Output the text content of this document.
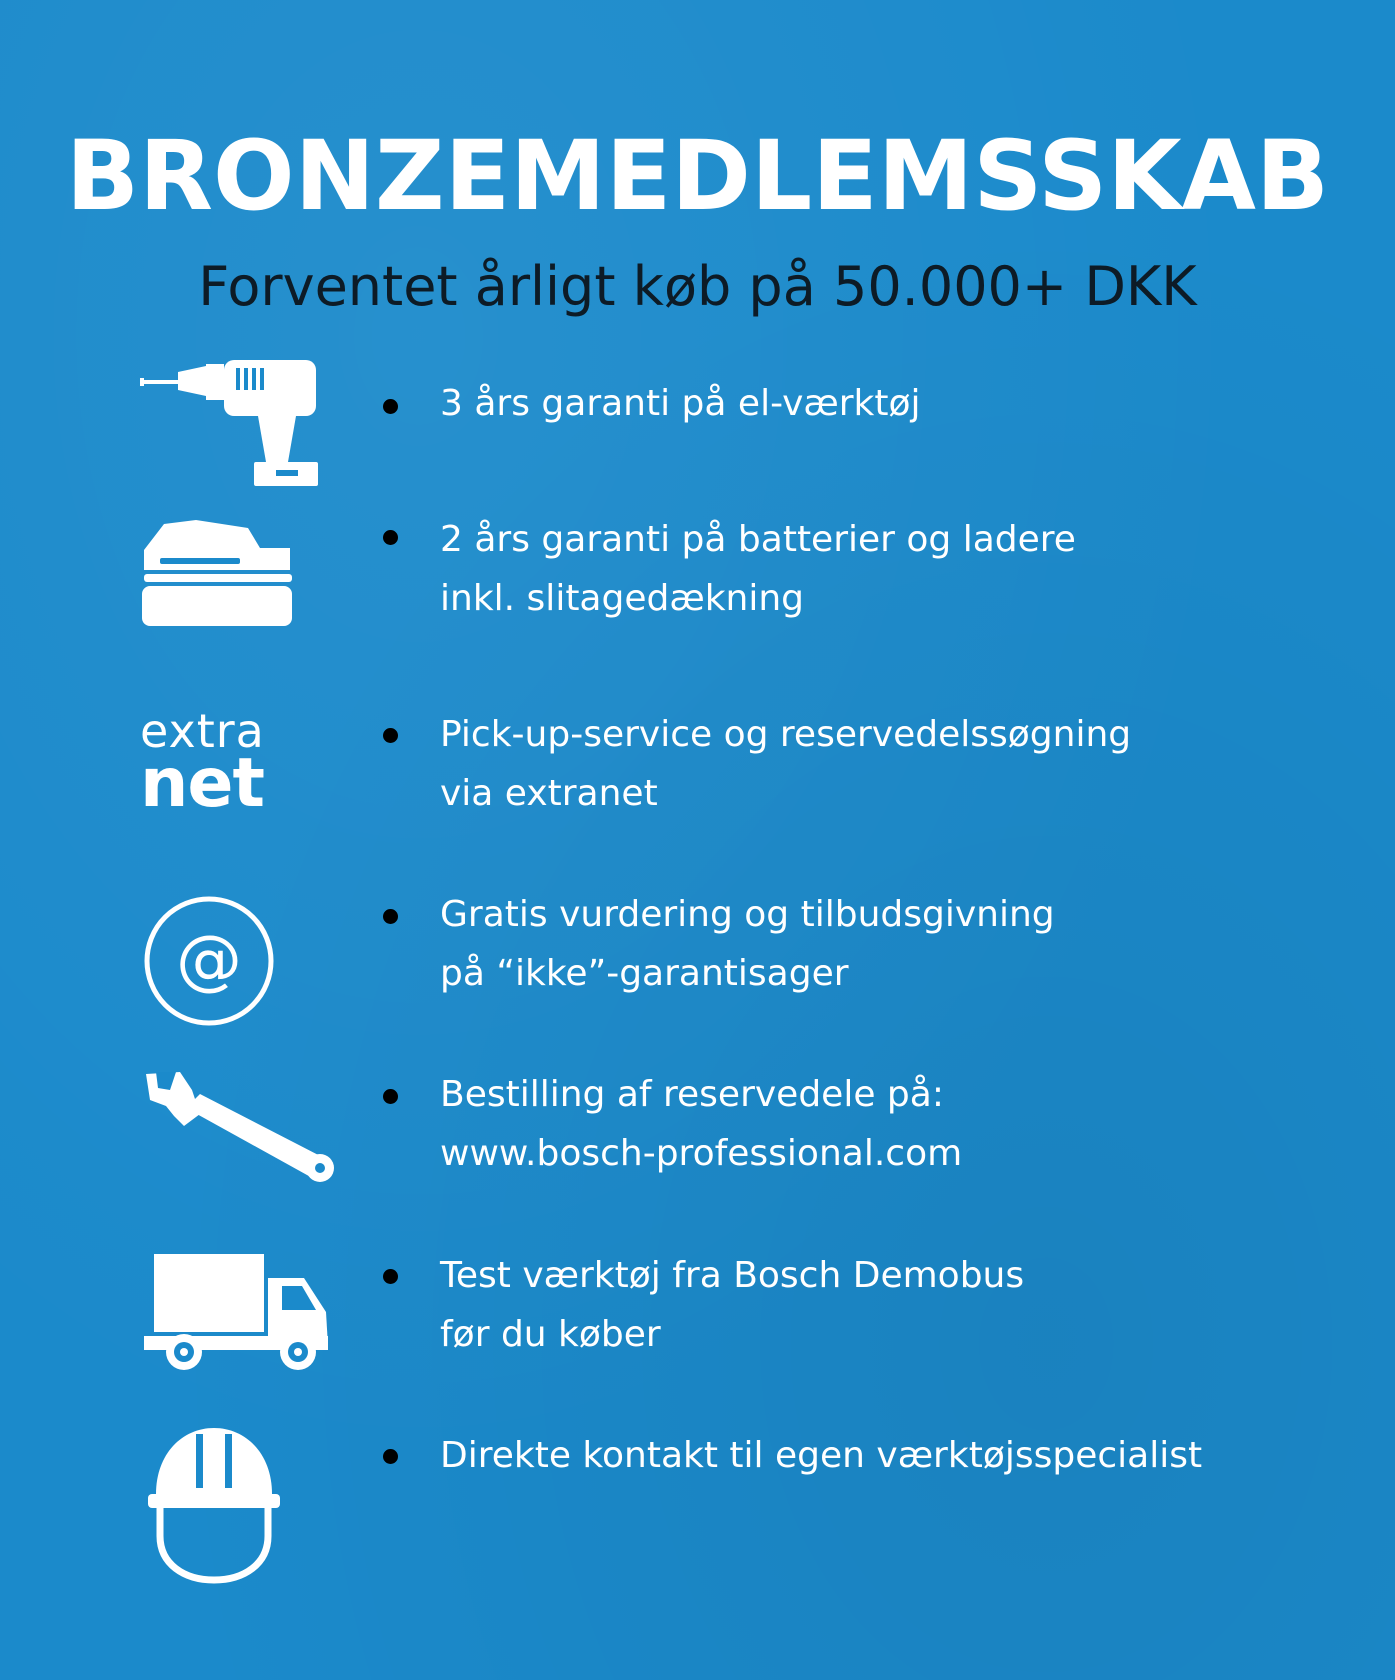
BRONZEMEDLEMSSKAB
Forventet årligt køb på 50.000+ DKK
3 års garanti på el-værktøj
2 års garanti på batterier og ladere
inkl. slitagedækning
extra
net
Pick-up-service og reservedelssøgning
via extranet
@
Gratis vurdering og tilbudsgivning
på “ikke”-garantisager
Bestilling af reservedele på:
www.bosch-professional.com
Test værktøj fra Bosch Demobus
før du køber
Direkte kontakt til egen værktøjsspecialist
